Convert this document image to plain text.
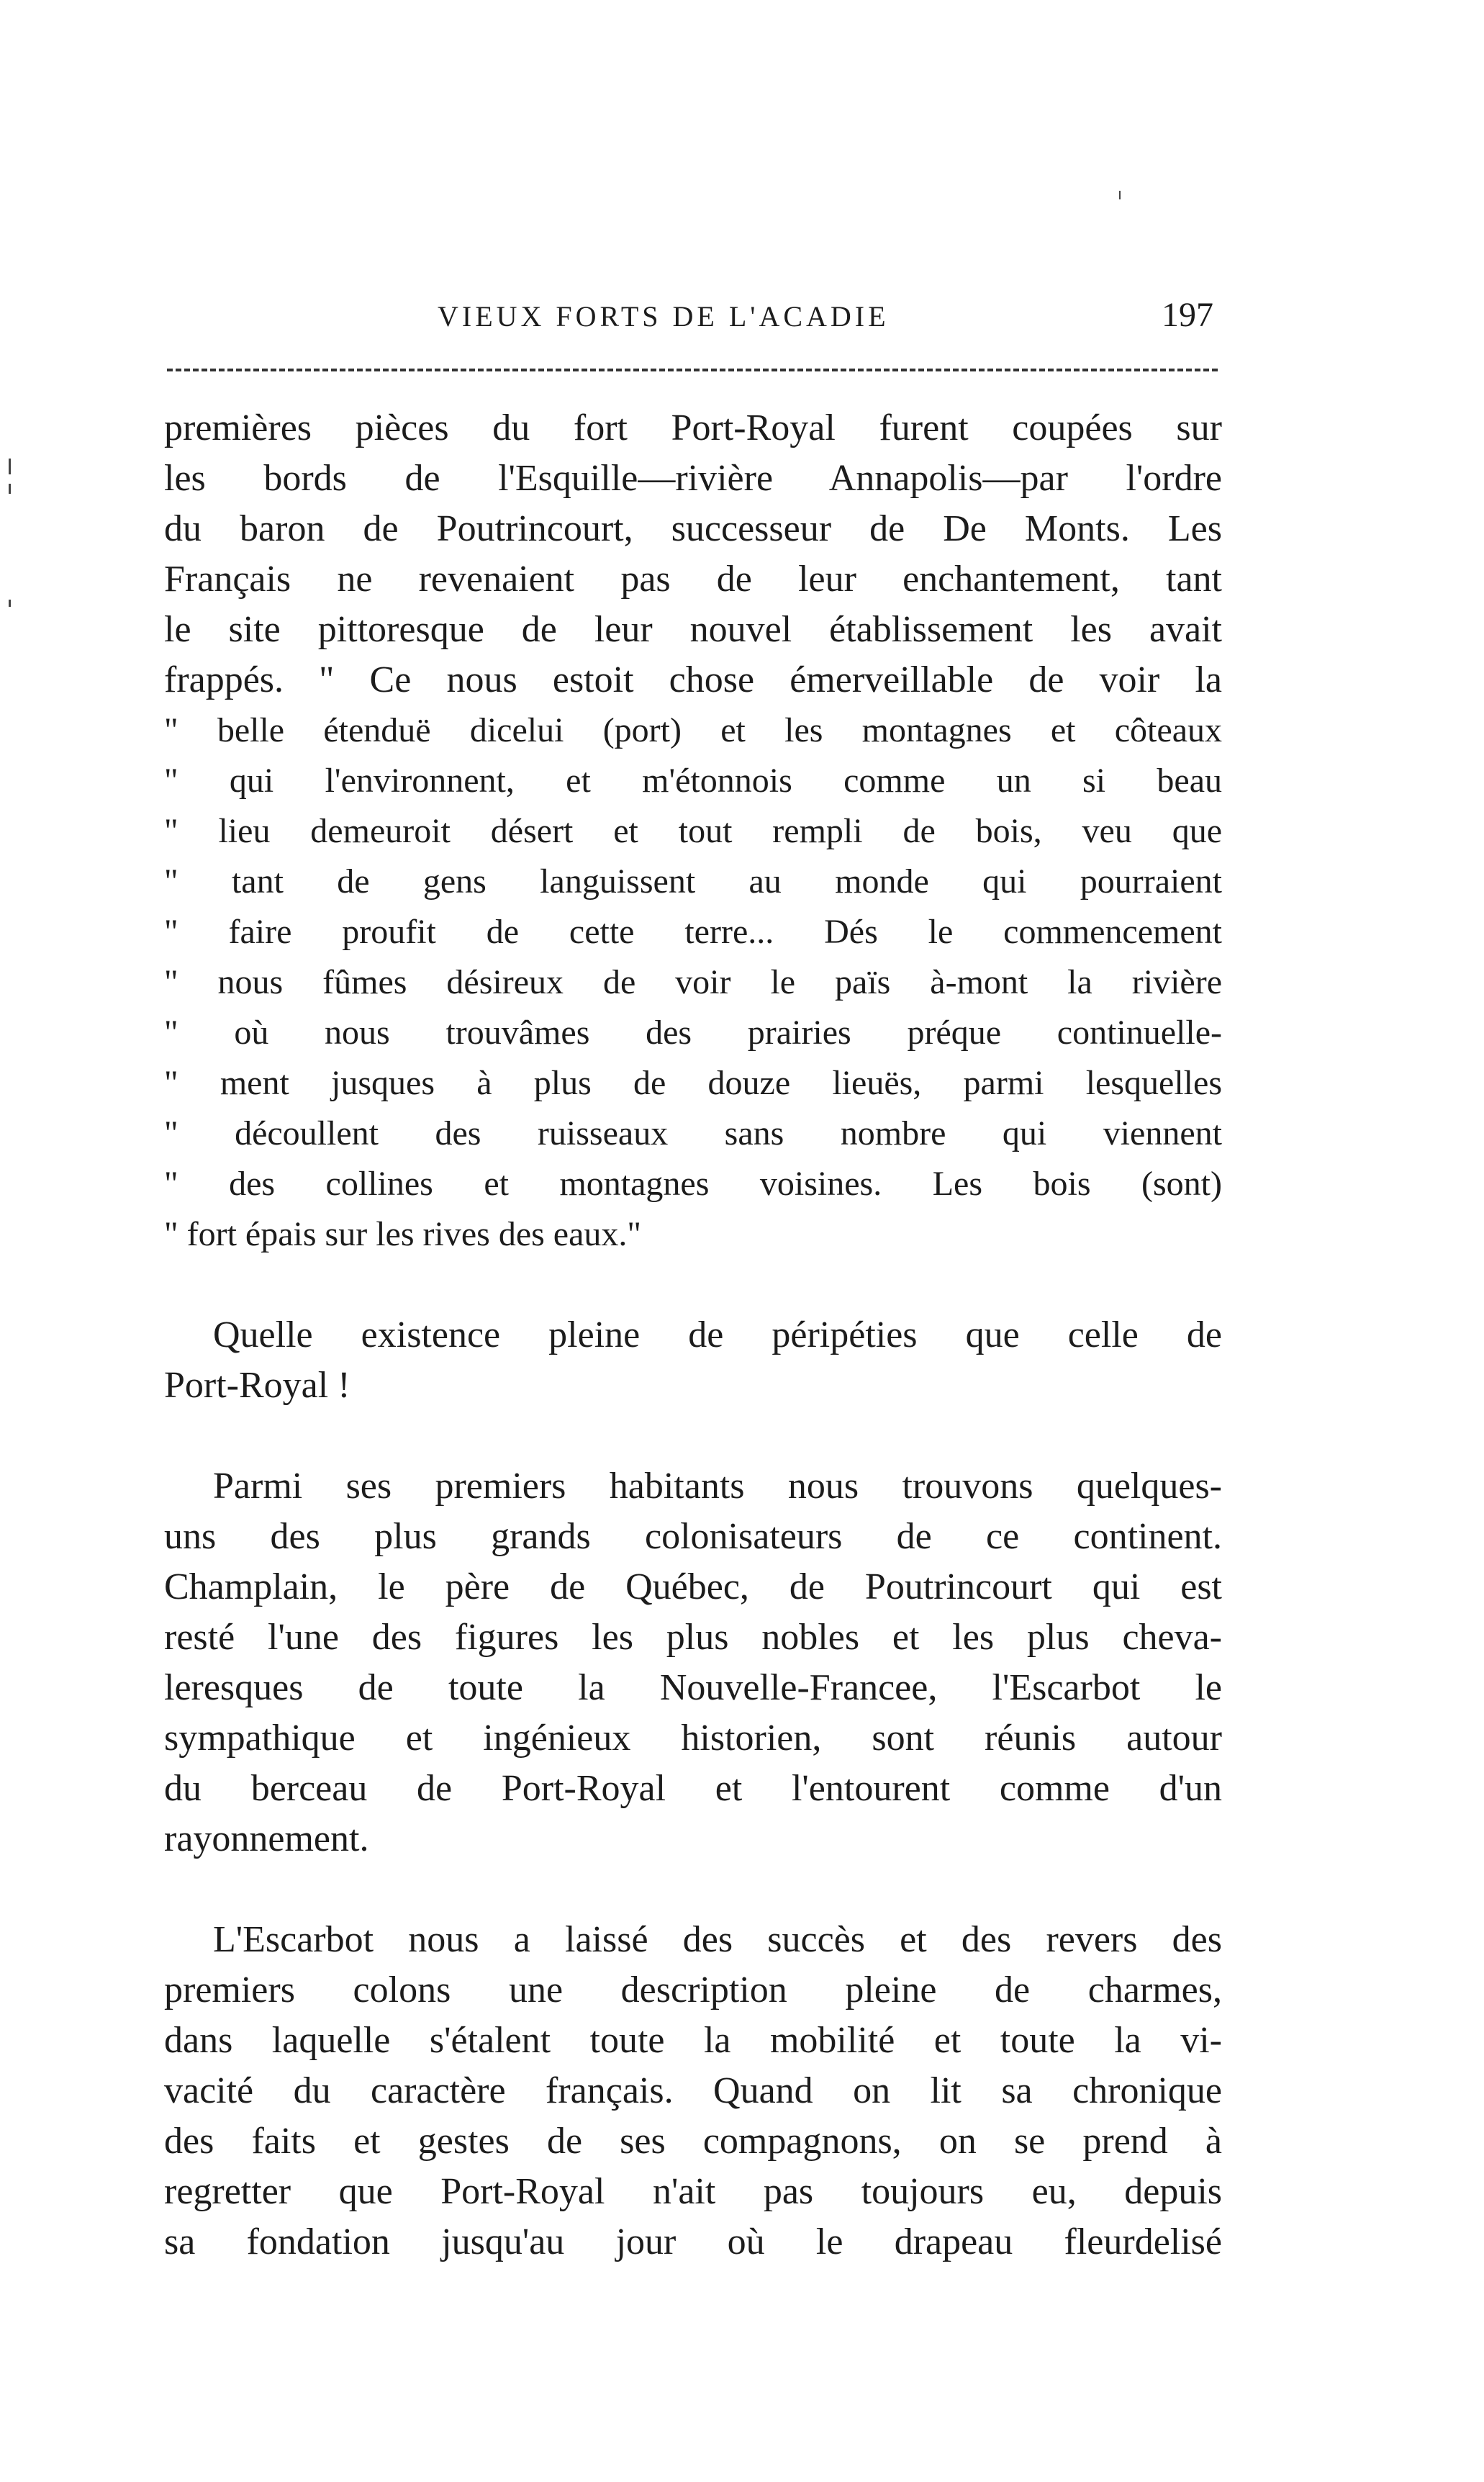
VIEUX FORTS DE L'ACADIE	197
premières pièces du fort Port-Royal furent coupées sur
les bords de l'Esquille—rivière Annapolis—par l'ordre
du baron de Poutrincourt, successeur de De Monts. Les
Français ne revenaient pas de leur enchantement, tant
le site pittoresque de leur nouvel établissement les avait
frappés. " Ce nous estoit chose émerveillable de voir la
" belle étenduë dicelui (port) et les montagnes et côteaux
" qui l'environnent, et m'étonnois comme un si beau
" lieu demeuroit désert et tout rempli de bois, veu que
" tant de gens languissent au monde qui pourraient
" faire proufit de cette terre... Dés le commencement
" nous fûmes désireux de voir le païs à-mont la rivière
" où nous trouvâmes des prairies préque continuelle-
" ment jusques à plus de douze lieuës, parmi lesquelles
" découllent des ruisseaux sans nombre qui viennent
" des collines et montagnes voisines. Les bois (sont)
" fort épais sur les rives des eaux."
Quelle existence pleine de péripéties que celle de
Port-Royal !
Parmi ses premiers habitants nous trouvons quelques-
uns des plus grands colonisateurs de ce continent.
Champlain, le père de Québec, de Poutrincourt qui est
resté l'une des figures les plus nobles et les plus cheva-
leresques de toute la Nouvelle-Francee, l'Escarbot le
sympathique et ingénieux historien, sont réunis autour
du berceau de Port-Royal et l'entourent comme d'un
rayonnement.
L'Escarbot nous a laissé des succès et des revers des
premiers colons une description pleine de charmes,
dans laquelle s'étalent toute la mobilité et toute la vi-
vacité du caractère français. Quand on lit sa chronique
des faits et gestes de ses compagnons, on se prend à
regretter que Port-Royal n'ait pas toujours eu, depuis
sa fondation jusqu'au jour où le drapeau fleurdelisé
